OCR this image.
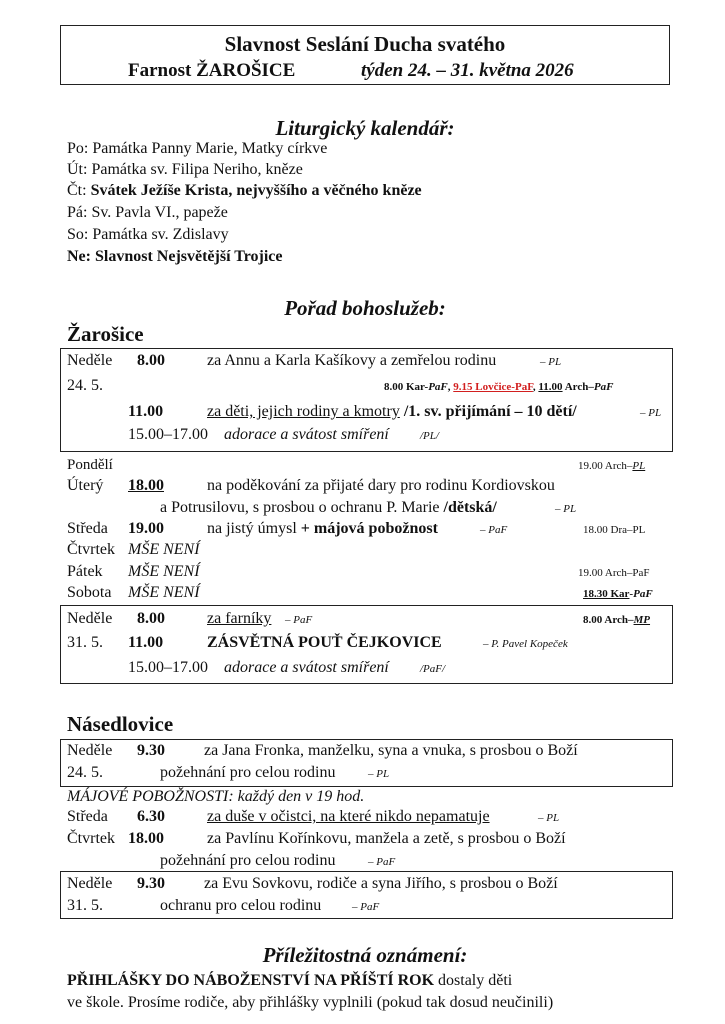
Slavnost Seslání Ducha svatého
Farnost ŽAROŠICE	týden 24. – 31. května 2026
Liturgický kalendář:
Po: Památka Panny Marie, Matky církve
Út: Památka sv. Filipa Neriho, kněze
Čt: Svátek Ježíše Krista, nejvyššího a věčného kněze
Pá: Sv. Pavla VI., papeže
So: Památka sv. Zdislavy
Ne: Slavnost Nejsvětější Trojice
Pořad bohoslužeb:
Žarošice
Neděle 8.00	za Annu a Karla Kašíkovy a zemřelou rodinu	– PL
24. 5.	8.00 Kar-PaF, 9.15 Lovčice-PaF, 11.00 Arch–PaF
11.00	za děti, jejich rodiny a kmotry /1. sv. přijímání – 10 dětí/	– PL
15.00–17.00 adorace a svátost smíření	/PL/
Pondělí	19.00 Arch–PL
Úterý 18.00	na poděkování za přijaté dary pro rodinu Kordiovskou
a Potrusilovu, s prosbou o ochranu P. Marie /dětská/	– PL
Středa 19.00	na jistý úmysl + májová pobožnost	– PaF	18.00 Dra–PL
Čtvrtek MŠE NENÍ
Pátek MŠE NENÍ	19.00 Arch–PaF
Sobota MŠE NENÍ	18.30 Kar-PaF
Neděle 8.00	za farníky – PaF	8.00 Arch–MP
31. 5. 11.00	ZÁSVĚTNÁ POUŤ ČEJKOVICE	– P. Pavel Kopeček
15.00–17.00 adorace a svátost smíření	/PaF/
Násedlovice
Neděle 9.30 za Jana Fronka, manželku, syna a vnuka, s prosbou o Boží
24. 5.	požehnání pro celou rodinu	– PL
MÁJOVÉ POBOŽNOSTI: každý den v 19 hod.
Středa 6.30	za duše v očistci, na které nikdo nepamatuje	– PL
Čtvrtek 18.00	za Pavlínu Kořínkovu, manžela a zetě, s prosbou o Boží
požehnání pro celou rodinu	– PaF
Neděle 9.30 za Evu Sovkovu, rodiče a syna Jiřího, s prosbou o Boží
31. 5.	ochranu pro celou rodinu	– PaF
Příležitostná oznámení:
PŘIHLÁŠKY DO NÁBOŽENSTVÍ NA PŘÍŠTÍ ROK dostaly děti
ve škole. Prosíme rodiče, aby přihlášky vyplnili (pokud tak dosud neučinili)
